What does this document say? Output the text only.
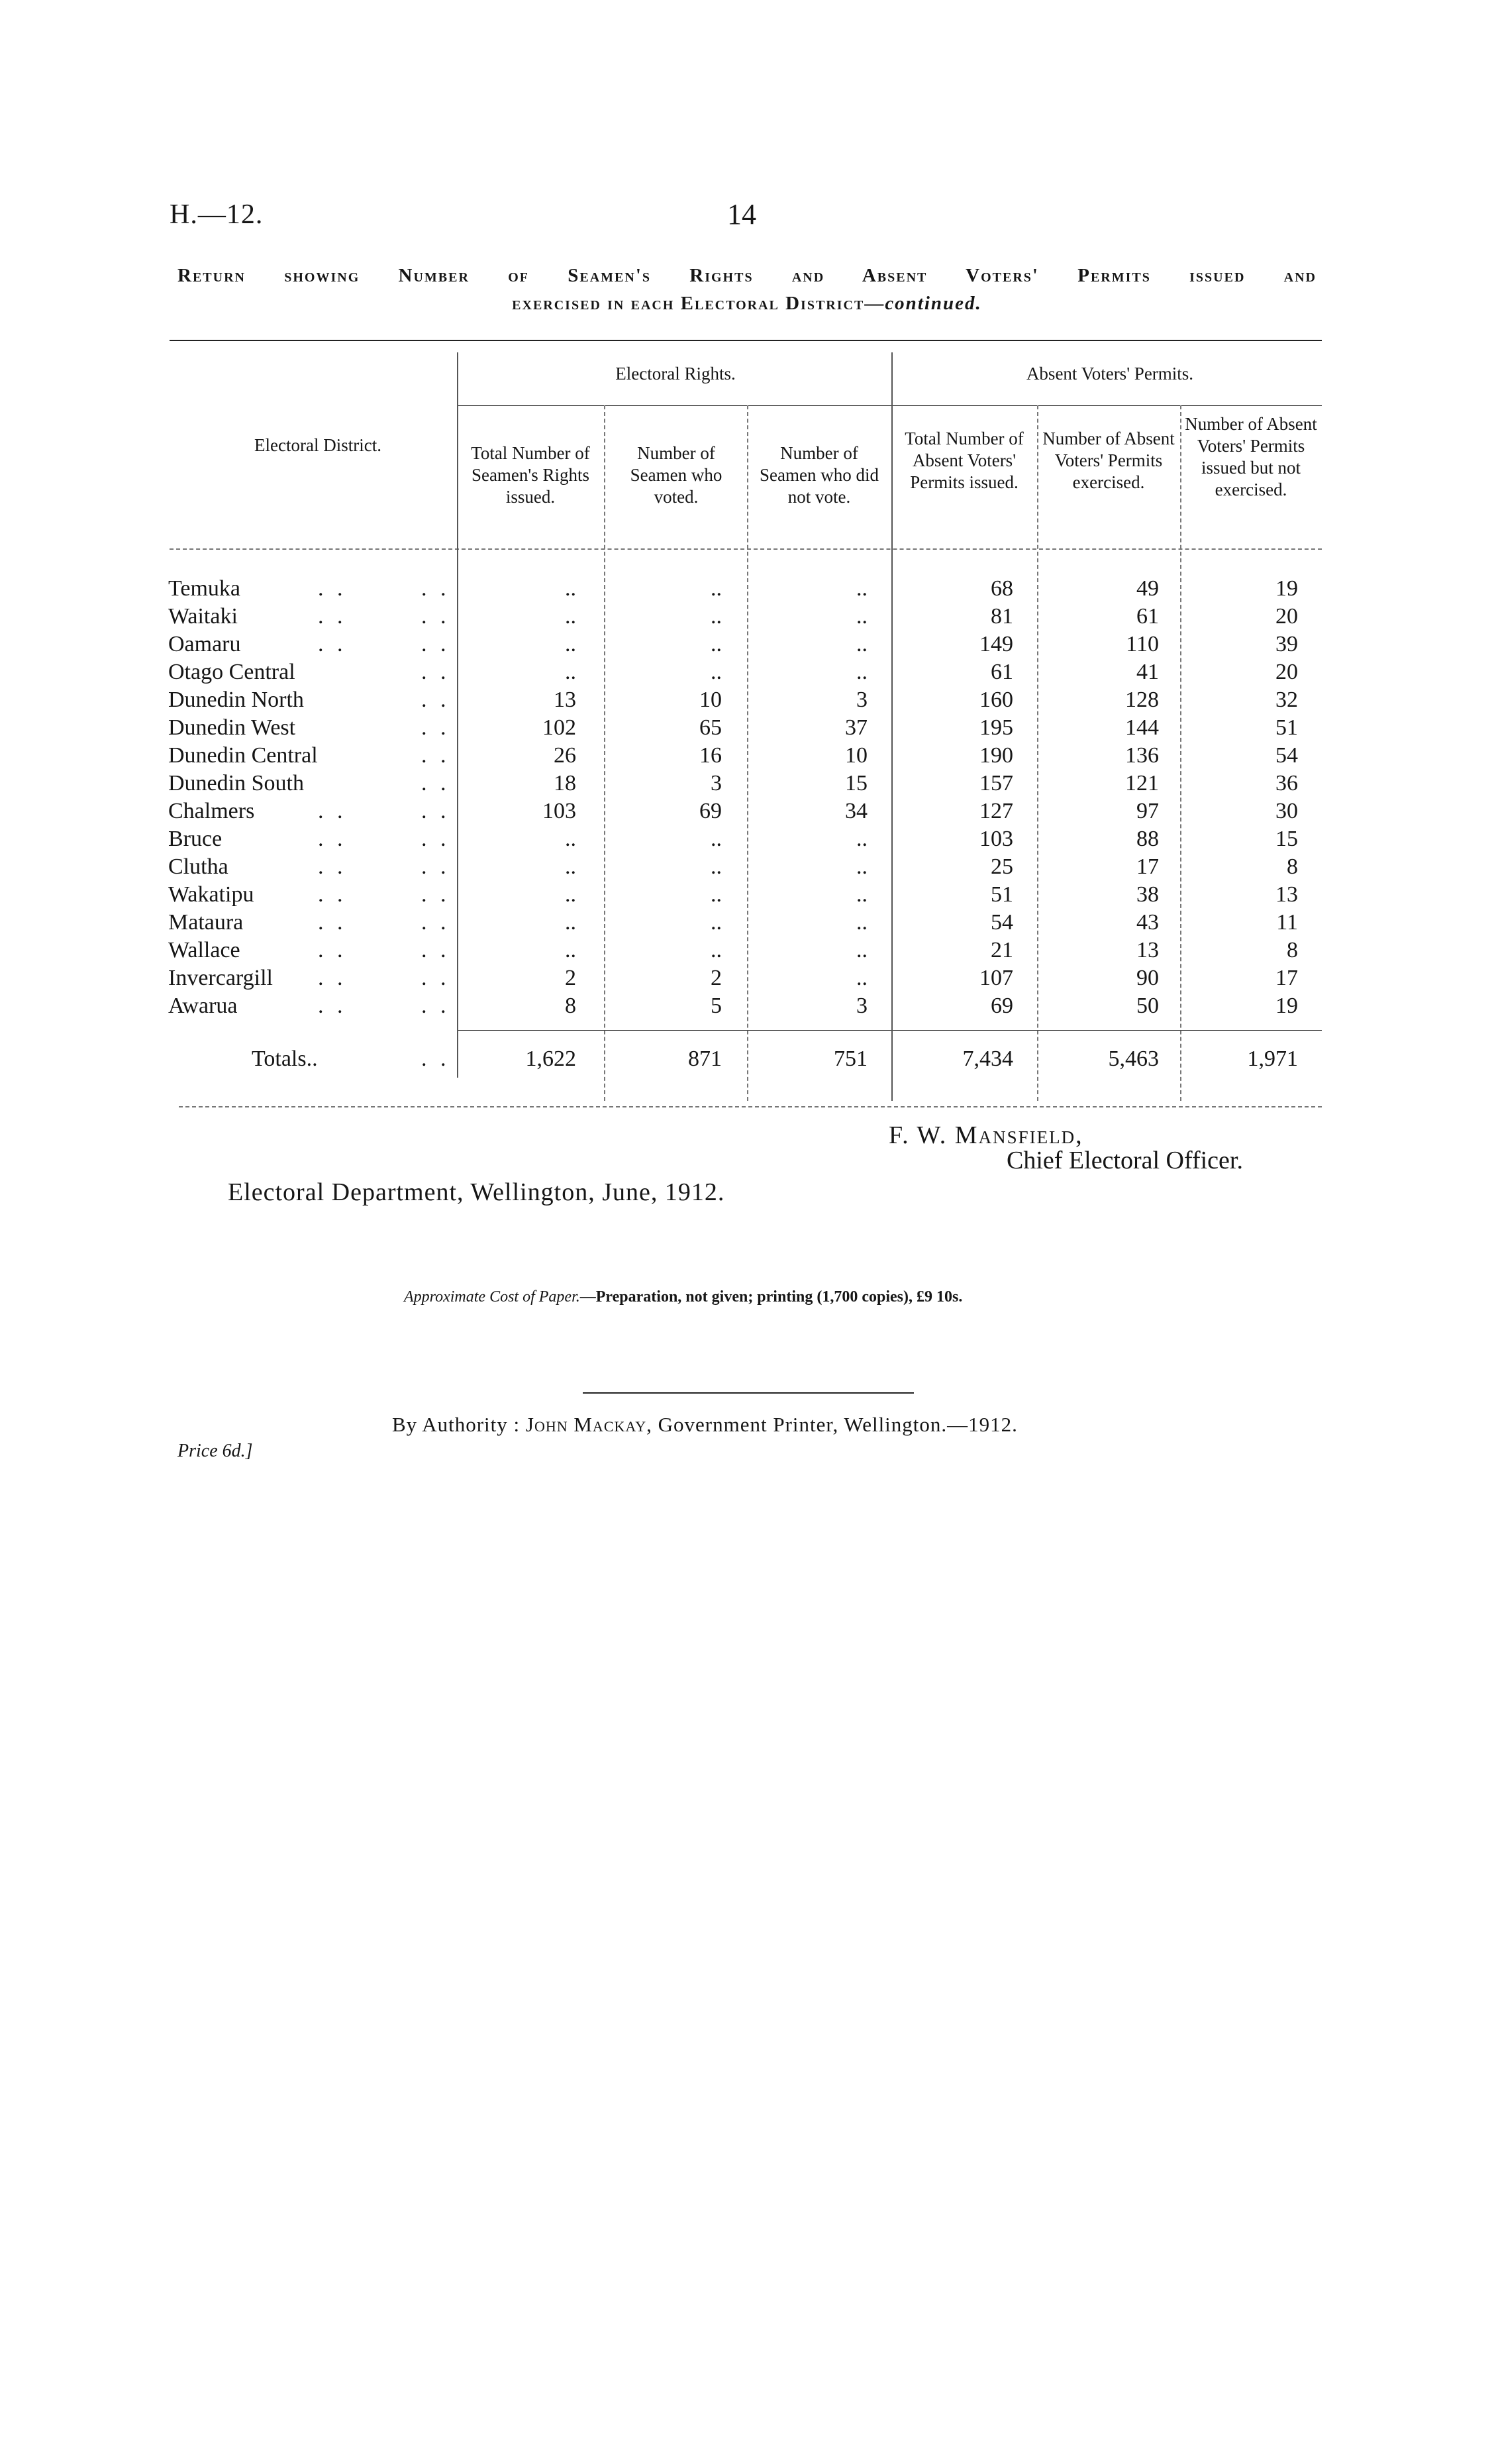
H.—12.	14
Return showing Number of Seamen's Rights and Absent Voters' Permits issued and
exercised in each Electoral District—continued.
Electoral District.
Electoral Rights.	Absent Voters' Permits.
Total Number of Seamen's Rights issued.
Number of Seamen who voted.
Number of Seamen who did not vote.
Total Number of Absent Voters' Permits issued.
Number of Absent Voters' Permits exercised.
Number of Absent Voters' Permits issued but not exercised.
Temuka	. .	. .	..	..	..	68	49	19
Waitaki	. .	. .	..	..	..	81	61	20
Oamaru	. .	. .	..	..	..	149	110	39
Otago Central	. .	..	..	..	61	41	20
Dunedin North	. .	13	10	3	160	128	32
Dunedin West	. .	102	65	37	195	144	51
Dunedin Central	. .	26	16	10	190	136	54
Dunedin South	. .	18	3	15	157	121	36
Chalmers	. .	. .	103	69	34	127	97	30
Bruce	. .	. .	..	..	..	103	88	15
Clutha	. .	. .	..	..	..	25	17	8
Wakatipu	. .	. .	..	..	..	51	38	13
Mataura	. .	. .	..	..	..	54	43	11
Wallace	. .	. .	..	..	..	21	13	8
Invercargill . .	. .	2	2	..	107	90	17
Awarua	. .	. .	8	5	3	69	50	19
Totals..	. .	1,622	871	751	7,434	5,463	1,971
F. W. Mansfield,
Chief Electoral Officer.
Electoral Department, Wellington, June, 1912.
Approximate Cost of Paper.—Preparation, not given; printing (1,700 copies), £9 10s.
By Authority : John Mackay, Government Printer, Wellington.—1912.
Price 6d.]
